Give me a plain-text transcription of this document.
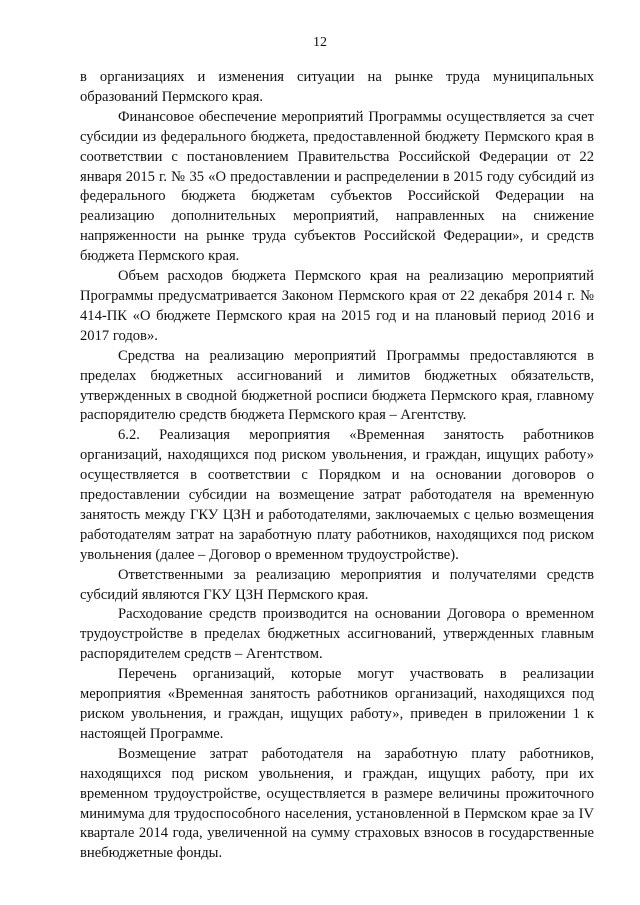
12

в организациях и изменения ситуации на рынке труда муниципальных образований Пермского края.

Финансовое обеспечение мероприятий Программы осуществляется за счет субсидии из федерального бюджета, предоставленной бюджету Пермского края в соответствии с постановлением Правительства Российской Федерации от 22 января 2015 г. № 35 «О предоставлении и распределении в 2015 году субсидий из федерального бюджета бюджетам субъектов Российской Федерации на реализацию дополнительных мероприятий, направленных на снижение напряженности на рынке труда субъектов Российской Федерации», и средств бюджета Пермского края.

Объем расходов бюджета Пермского края на реализацию мероприятий Программы предусматривается Законом Пермского края от 22 декабря 2014 г. № 414-ПК «О бюджете Пермского края на 2015 год и на плановый период 2016 и 2017 годов».

Средства на реализацию мероприятий Программы предоставляются в пределах бюджетных ассигнований и лимитов бюджетных обязательств, утвержденных в сводной бюджетной росписи бюджета Пермского края, главному распорядителю средств бюджета Пермского края – Агентству.

6.2. Реализация мероприятия «Временная занятость работников организаций, находящихся под риском увольнения, и граждан, ищущих работу» осуществляется в соответствии с Порядком и на основании договоров о предоставлении субсидии на возмещение затрат работодателя на временную занятость между ГКУ ЦЗН и работодателями, заключаемых с целью возмещения работодателям затрат на заработную плату работников, находящихся под риском увольнения (далее – Договор о временном трудоустройстве).

Ответственными за реализацию мероприятия и получателями средств субсидий являются ГКУ ЦЗН Пермского края.

Расходование средств производится на основании Договора о временном трудоустройстве в пределах бюджетных ассигнований, утвержденных главным распорядителем средств – Агентством.

Перечень организаций, которые могут участвовать в реализации мероприятия «Временная занятость работников организаций, находящихся под риском увольнения, и граждан, ищущих работу», приведен в приложении 1 к настоящей Программе.

Возмещение затрат работодателя на заработную плату работников, находящихся под риском увольнения, и граждан, ищущих работу, при их временном трудоустройстве, осуществляется в размере величины прожиточного минимума для трудоспособного населения, установленной в Пермском крае за IV квартале 2014 года, увеличенной на сумму страховых взносов в государственные внебюджетные фонды.
